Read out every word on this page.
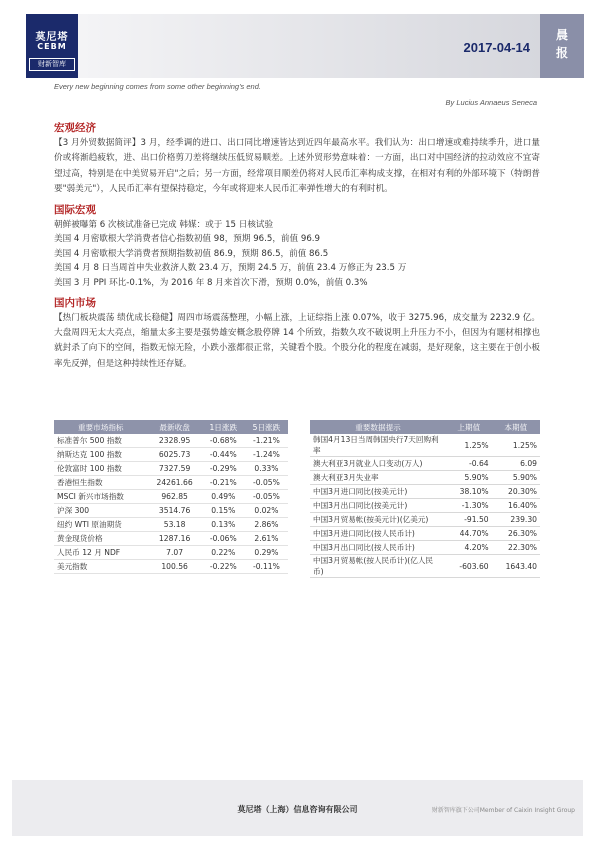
莫尼塔
CEBM
财新智库
2017-04-14
晨
报
Every new beginning comes from some other beginning's end.
By Lucius Annaeus Seneca
宏观经济
【3 月外贸数据简评】3 月，经季调的进口、出口同比增速皆达到近四年最高水平。我们认为：出口增速或难持续季升，进口量价或将渐趋疲软，进、出口价格剪刀差将继续压低贸易顺差。上述外贸形势意味着：一方面，出口对中国经济的拉动效应不宜寄望过高，特别是在中美贸易开启"之后；另一方面，经常项目顺差仍将对人民币汇率构成支撑，在相对有利的外部环境下（特朗普要"弱美元"），人民币汇率有望保持稳定，今年或将迎来人民币汇率弹性增大的有利时机。
国际宏观
朝鲜被曝第 6 次核试准备已完成 韩媒：或于 15 日核试验
美国 4 月密歇根大学消费者信心指数初值 98，预期 96.5，前值 96.9
美国 4 月密歇根大学消费者预期指数初值 86.9，预期 86.5，前值 86.5
美国 4 月 8 日当周首申失业救济人数 23.4 万，预期 24.5 万，前值 23.4 万修正为 23.5 万
美国 3 月 PPI 环比-0.1%，为 2016 年 8 月来首次下滑，预期 0.0%，前值 0.3%
国内市场
【热门板块震荡 绩优成长稳健】周四市场震荡整理，小幅上涨，上证综指上涨 0.07%，收于 3275.96，成交量为 2232.9 亿。大盘周四无太大亮点，缩量太多主要是强势雄安概念股停牌 14 个所致，指数久攻不破说明上升压力不小，但因为有题材相撑也就封杀了向下的空间，指数无惊无险，小跌小涨都很正常，关键看个股。个股分化的程度在减弱，是好现象，这主要在于创小板率先反弹，但是这种持续性还存疑。
重要市场指标	最新收盘	1日涨跌	5日涨跌
标准普尔 500 指数	2328.95	-0.68%	-1.21%
纳斯达克 100 指数	6025.73	-0.44%	-1.24%
伦敦富时 100 指数	7327.59	-0.29%	0.33%
香港恒生指数	24261.66	-0.21%	-0.05%
MSCI 新兴市场指数	962.85	0.49%	-0.05%
沪深 300	3514.76	0.15%	0.02%
纽约 WTI 原油期货	53.18	0.13%	2.86%
黄金现货价格	1287.16	-0.06%	2.61%
人民币 12 月 NDF	7.07	0.22%	0.29%
美元指数	100.56	-0.22%	-0.11%
重要数据提示	上期值	本期值
韩国4月13日当周韩国央行7天回购利率	1.25%	1.25%
澳大利亚3月就业人口变动(万人)	-0.64	6.09
澳大利亚3月失业率	5.90%	5.90%
中国3月进口同比(按美元计)	38.10%	20.30%
中国3月出口同比(按美元计)	-1.30%	16.40%
中国3月贸易帐(按美元计)(亿美元)	-91.50	239.30
中国3月进口同比(按人民币计)	44.70%	26.30%
中国3月出口同比(按人民币计)	4.20%	22.30%
中国3月贸易帐(按人民币计)(亿人民币)	-603.60	1643.40
莫尼塔（上海）信息咨询有限公司	财新智库旗下公司Member of Caixin Insight Group
